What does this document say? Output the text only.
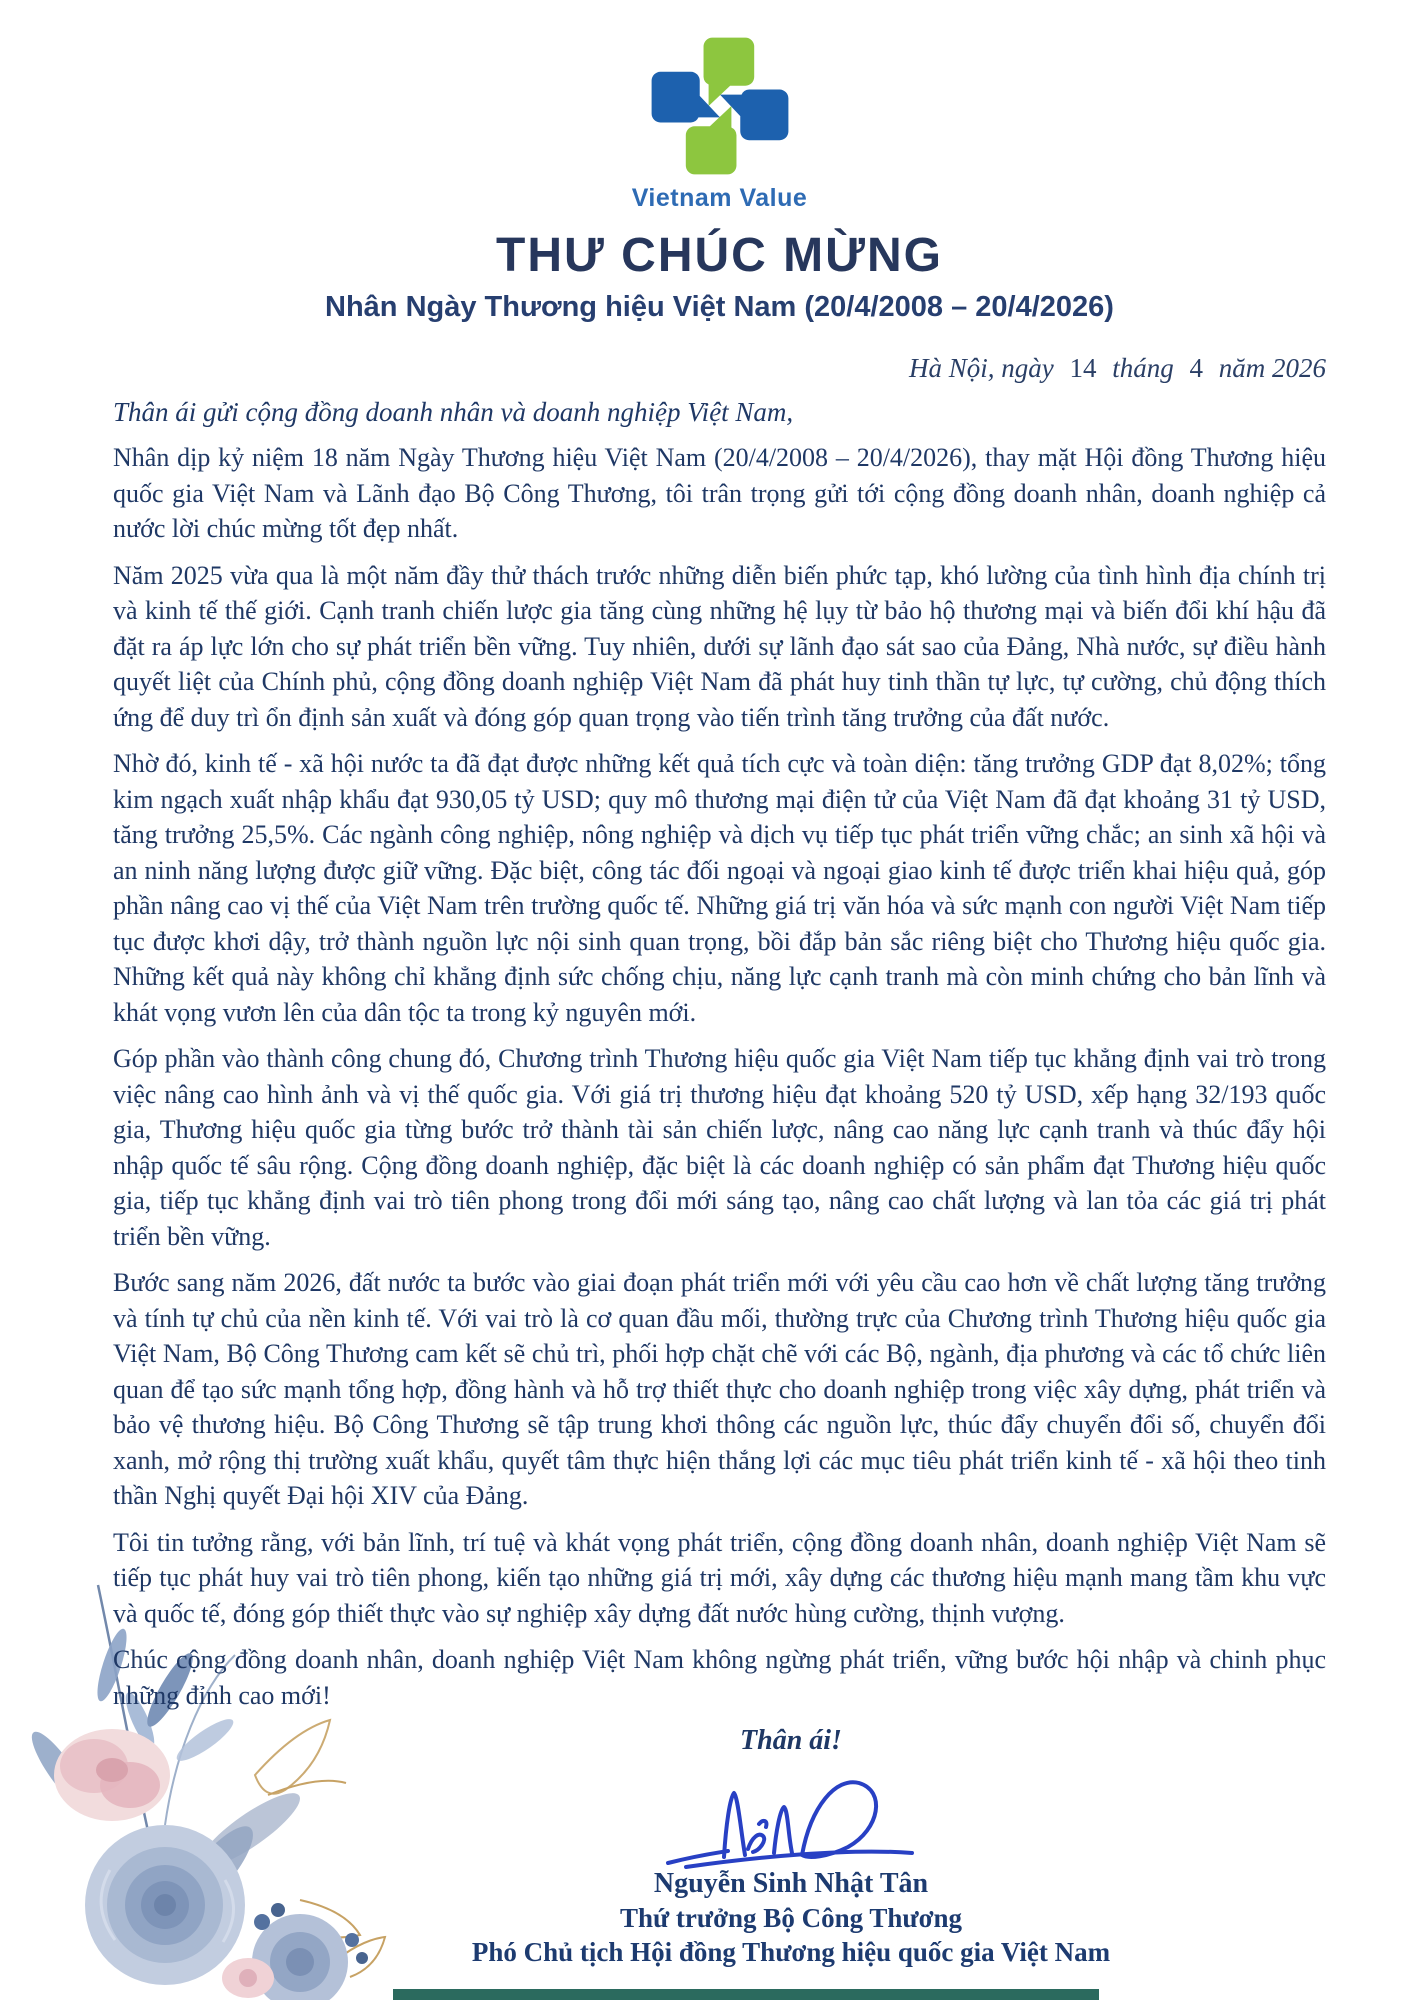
Vietnam Value
THƯ CHÚC MỪNG
Nhân Ngày Thương hiệu Việt Nam (20/4/2008 – 20/4/2026)
Hà Nội, ngày 14 tháng 4 năm 2026
Thân ái gửi cộng đồng doanh nhân và doanh nghiệp Việt Nam,

Nhân dịp kỷ niệm 18 năm Ngày Thương hiệu Việt Nam (20/4/2008 – 20/4/2026), thay mặt Hội đồng Thương hiệu quốc gia Việt Nam và Lãnh đạo Bộ Công Thương, tôi trân trọng gửi tới cộng đồng doanh nhân, doanh nghiệp cả nước lời chúc mừng tốt đẹp nhất.

Năm 2025 vừa qua là một năm đầy thử thách trước những diễn biến phức tạp, khó lường của tình hình địa chính trị và kinh tế thế giới. Cạnh tranh chiến lược gia tăng cùng những hệ lụy từ bảo hộ thương mại và biến đổi khí hậu đã đặt ra áp lực lớn cho sự phát triển bền vững. Tuy nhiên, dưới sự lãnh đạo sát sao của Đảng, Nhà nước, sự điều hành quyết liệt của Chính phủ, cộng đồng doanh nghiệp Việt Nam đã phát huy tinh thần tự lực, tự cường, chủ động thích ứng để duy trì ổn định sản xuất và đóng góp quan trọng vào tiến trình tăng trưởng của đất nước.

Nhờ đó, kinh tế - xã hội nước ta đã đạt được những kết quả tích cực và toàn diện: tăng trưởng GDP đạt 8,02%; tổng kim ngạch xuất nhập khẩu đạt 930,05 tỷ USD; quy mô thương mại điện tử của Việt Nam đã đạt khoảng 31 tỷ USD, tăng trưởng 25,5%. Các ngành công nghiệp, nông nghiệp và dịch vụ tiếp tục phát triển vững chắc; an sinh xã hội và an ninh năng lượng được giữ vững. Đặc biệt, công tác đối ngoại và ngoại giao kinh tế được triển khai hiệu quả, góp phần nâng cao vị thế của Việt Nam trên trường quốc tế. Những giá trị văn hóa và sức mạnh con người Việt Nam tiếp tục được khơi dậy, trở thành nguồn lực nội sinh quan trọng, bồi đắp bản sắc riêng biệt cho Thương hiệu quốc gia. Những kết quả này không chỉ khẳng định sức chống chịu, năng lực cạnh tranh mà còn minh chứng cho bản lĩnh và khát vọng vươn lên của dân tộc ta trong kỷ nguyên mới.

Góp phần vào thành công chung đó, Chương trình Thương hiệu quốc gia Việt Nam tiếp tục khẳng định vai trò trong việc nâng cao hình ảnh và vị thế quốc gia. Với giá trị thương hiệu đạt khoảng 520 tỷ USD, xếp hạng 32/193 quốc gia, Thương hiệu quốc gia từng bước trở thành tài sản chiến lược, nâng cao năng lực cạnh tranh và thúc đẩy hội nhập quốc tế sâu rộng. Cộng đồng doanh nghiệp, đặc biệt là các doanh nghiệp có sản phẩm đạt Thương hiệu quốc gia, tiếp tục khẳng định vai trò tiên phong trong đổi mới sáng tạo, nâng cao chất lượng và lan tỏa các giá trị phát triển bền vững.

Bước sang năm 2026, đất nước ta bước vào giai đoạn phát triển mới với yêu cầu cao hơn về chất lượng tăng trưởng và tính tự chủ của nền kinh tế. Với vai trò là cơ quan đầu mối, thường trực của Chương trình Thương hiệu quốc gia Việt Nam, Bộ Công Thương cam kết sẽ chủ trì, phối hợp chặt chẽ với các Bộ, ngành, địa phương và các tổ chức liên quan để tạo sức mạnh tổng hợp, đồng hành và hỗ trợ thiết thực cho doanh nghiệp trong việc xây dựng, phát triển và bảo vệ thương hiệu. Bộ Công Thương sẽ tập trung khơi thông các nguồn lực, thúc đẩy chuyển đổi số, chuyển đổi xanh, mở rộng thị trường xuất khẩu, quyết tâm thực hiện thắng lợi các mục tiêu phát triển kinh tế - xã hội theo tinh thần Nghị quyết Đại hội XIV của Đảng.

Tôi tin tưởng rằng, với bản lĩnh, trí tuệ và khát vọng phát triển, cộng đồng doanh nhân, doanh nghiệp Việt Nam sẽ tiếp tục phát huy vai trò tiên phong, kiến tạo những giá trị mới, xây dựng các thương hiệu mạnh mang tầm khu vực và quốc tế, đóng góp thiết thực vào sự nghiệp xây dựng đất nước hùng cường, thịnh vượng.

Chúc cộng đồng doanh nhân, doanh nghiệp Việt Nam không ngừng phát triển, vững bước hội nhập và chinh phục những đỉnh cao mới!

Thân ái!
Nguyễn Sinh Nhật Tân
Thứ trưởng Bộ Công Thương
Phó Chủ tịch Hội đồng Thương hiệu quốc gia Việt Nam
